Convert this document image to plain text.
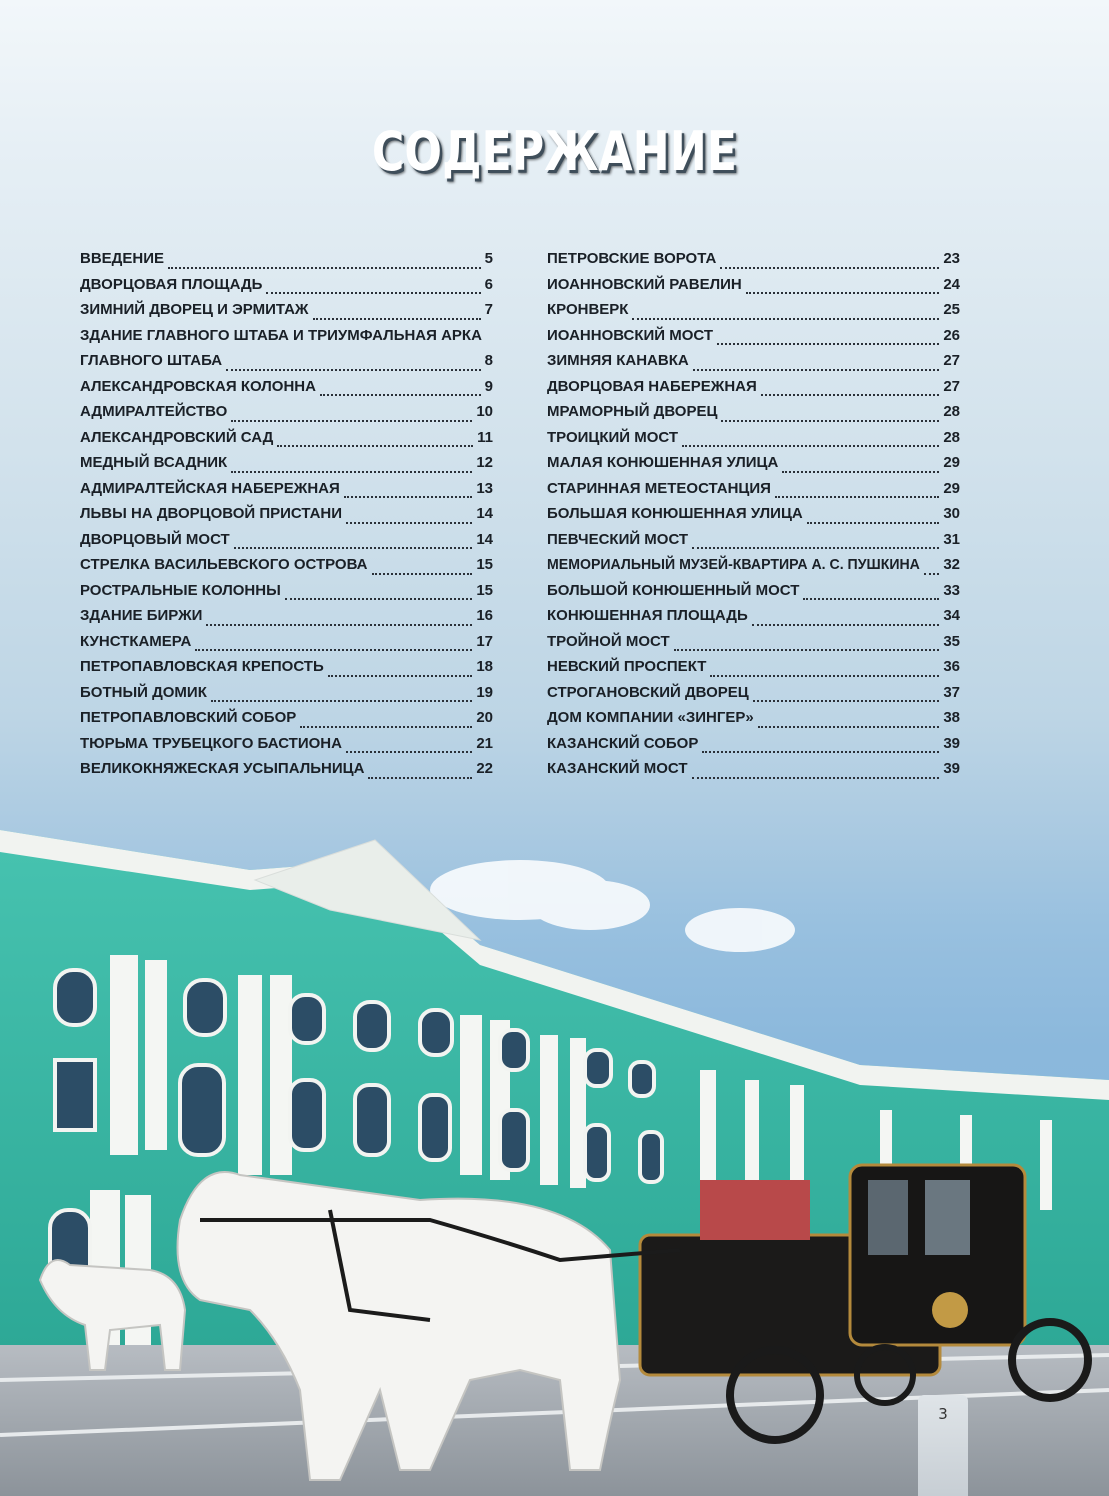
СОДЕРЖАНИЕ
ВВЕДЕНИЕ	5
ДВОРЦОВАЯ ПЛОЩАДЬ	6
ЗИМНИЙ ДВОРЕЦ И ЭРМИТАЖ	7
ЗДАНИЕ ГЛАВНОГО ШТАБА И ТРИУМФАЛЬНАЯ АРКА
ГЛАВНОГО ШТАБА	8
АЛЕКСАНДРОВСКАЯ КОЛОННА	9
АДМИРАЛТЕЙСТВО	10
АЛЕКСАНДРОВСКИЙ САД	11
МЕДНЫЙ ВСАДНИК	12
АДМИРАЛТЕЙСКАЯ НАБЕРЕЖНАЯ	13
ЛЬВЫ НА ДВОРЦОВОЙ ПРИСТАНИ	14
ДВОРЦОВЫЙ МОСТ	14
СТРЕЛКА ВАСИЛЬЕВСКОГО ОСТРОВА	15
РОСТРАЛЬНЫЕ КОЛОННЫ	15
ЗДАНИЕ БИРЖИ	16
КУНСТКАМЕРА	17
ПЕТРОПАВЛОВСКАЯ КРЕПОСТЬ	18
БОТНЫЙ ДОМИК	19
ПЕТРОПАВЛОВСКИЙ СОБОР	20
ТЮРЬМА ТРУБЕЦКОГО БАСТИОНА	21
ВЕЛИКОКНЯЖЕСКАЯ УСЫПАЛЬНИЦА	22
ПЕТРОВСКИЕ ВОРОТА	23
ИОАННОВСКИЙ РАВЕЛИН	24
КРОНВЕРК	25
ИОАННОВСКИЙ МОСТ	26
ЗИМНЯЯ КАНАВКА	27
ДВОРЦОВАЯ НАБЕРЕЖНАЯ	27
МРАМОРНЫЙ ДВОРЕЦ	28
ТРОИЦКИЙ МОСТ	28
МАЛАЯ КОНЮШЕННАЯ УЛИЦА	29
СТАРИННАЯ МЕТЕОСТАНЦИЯ	29
БОЛЬШАЯ КОНЮШЕННАЯ УЛИЦА	30
ПЕВЧЕСКИЙ МОСТ	31
МЕМОРИАЛЬНЫЙ МУЗЕЙ-КВАРТИРА А. С. ПУШКИНА 32
БОЛЬШОЙ КОНЮШЕННЫЙ МОСТ	33
КОНЮШЕННАЯ ПЛОЩАДЬ	34
ТРОЙНОЙ МОСТ	35
НЕВСКИЙ ПРОСПЕКТ	36
СТРОГАНОВСКИЙ ДВОРЕЦ	37
ДОМ КОМПАНИИ «ЗИНГЕР»	38
КАЗАНСКИЙ СОБОР	39
КАЗАНСКИЙ МОСТ	39
3
